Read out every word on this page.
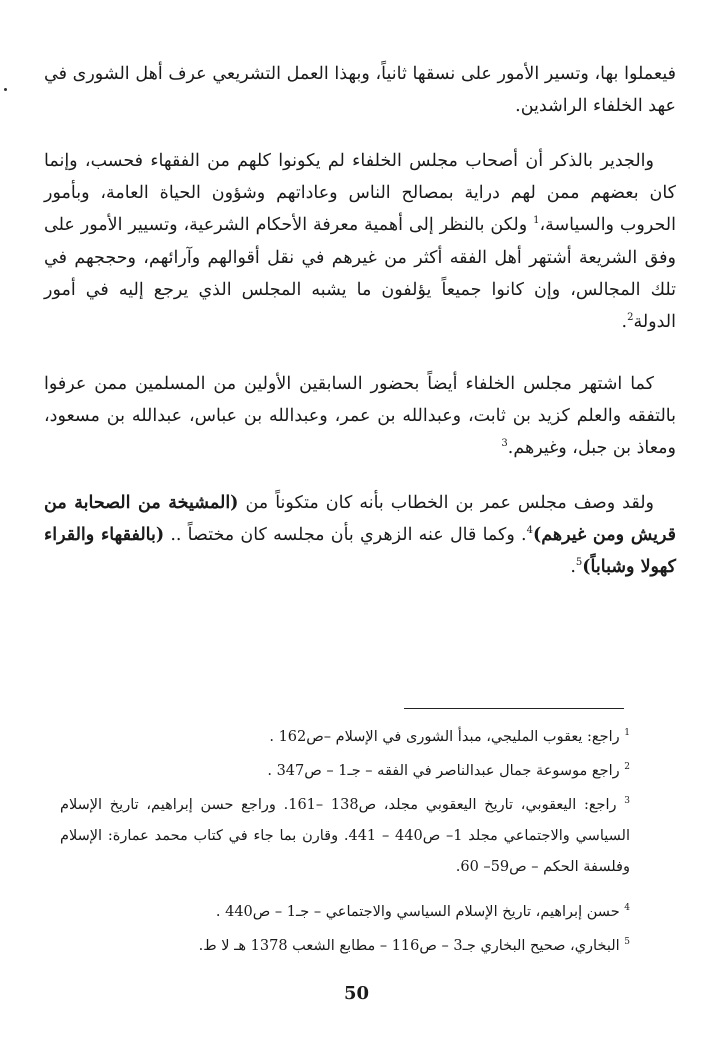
فيعملوا بها، وتسير الأمور على نسقها ثانياً، وبهذا العمل التشريعي عرف أهل الشورى في عهد الخلفاء الراشدين.

والجدير بالذكر أن أصحاب مجلس الخلفاء لم يكونوا كلهم من الفقهاء فحسب، وإنما كان بعضهم ممن لهم دراية بمصالح الناس وعاداتهم وشؤون الحياة العامة، وبأمور الحروب والسياسة،$^1$ ولكن بالنظر إلى أهمية معرفة الأحكام الشرعية، وتسيير الأمور على وفق الشريعة أشتهر أهل الفقه أكثر من غيرهم في نقل أقوالهم وآرائهم، وحججهم في تلك المجالس، وإن كانوا جميعاً يؤلفون ما يشبه المجلس الذي يرجع إليه في أمور الدولة$^2$.

كما اشتهر مجلس الخلفاء أيضاً بحضور السابقين الأولين من المسلمين ممن عرفوا بالتفقه والعلم كزيد بن ثابت، وعبدالله بن عمر، وعبدالله بن عباس، عبدالله بن مسعود، ومعاذ بن جبل، وغيرهم.$^3$

ولقد وصف مجلس عمر بن الخطاب بأنه كان متكوناً من (المشيخة من الصحابة من قريش ومن غيرهم)$^4$. وكما قال عنه الزهري بأن مجلسه كان مختصاً .. (بالفقهاء والقراء كهولا وشباباً)$^5$.

$^1$ راجع: يعقوب المليجي، مبدأ الشورى في الإسلام –ص162 .

$^2$ راجع موسوعة جمال عبدالناصر في الفقه – جـ1 – ص347 .

$^3$ راجع: اليعقوبي، تاريخ اليعقوبي مجلد، ص138 –161. وراجع حسن إبراهيم، تاريخ الإسلام السياسي والاجتماعي مجلد 1– ص440 – 441. وقارن بما جاء في كتاب محمد عمارة: الإسلام وفلسفة الحكم – ص59– 60.

$^4$ حسن إبراهيم، تاريخ الإسلام السياسي والاجتماعي – جـ1 – ص440 .

$^5$ البخاري، صحيح البخاري جـ3 – ص116 – مطابع الشعب 1378 هـ لا ط.

50
